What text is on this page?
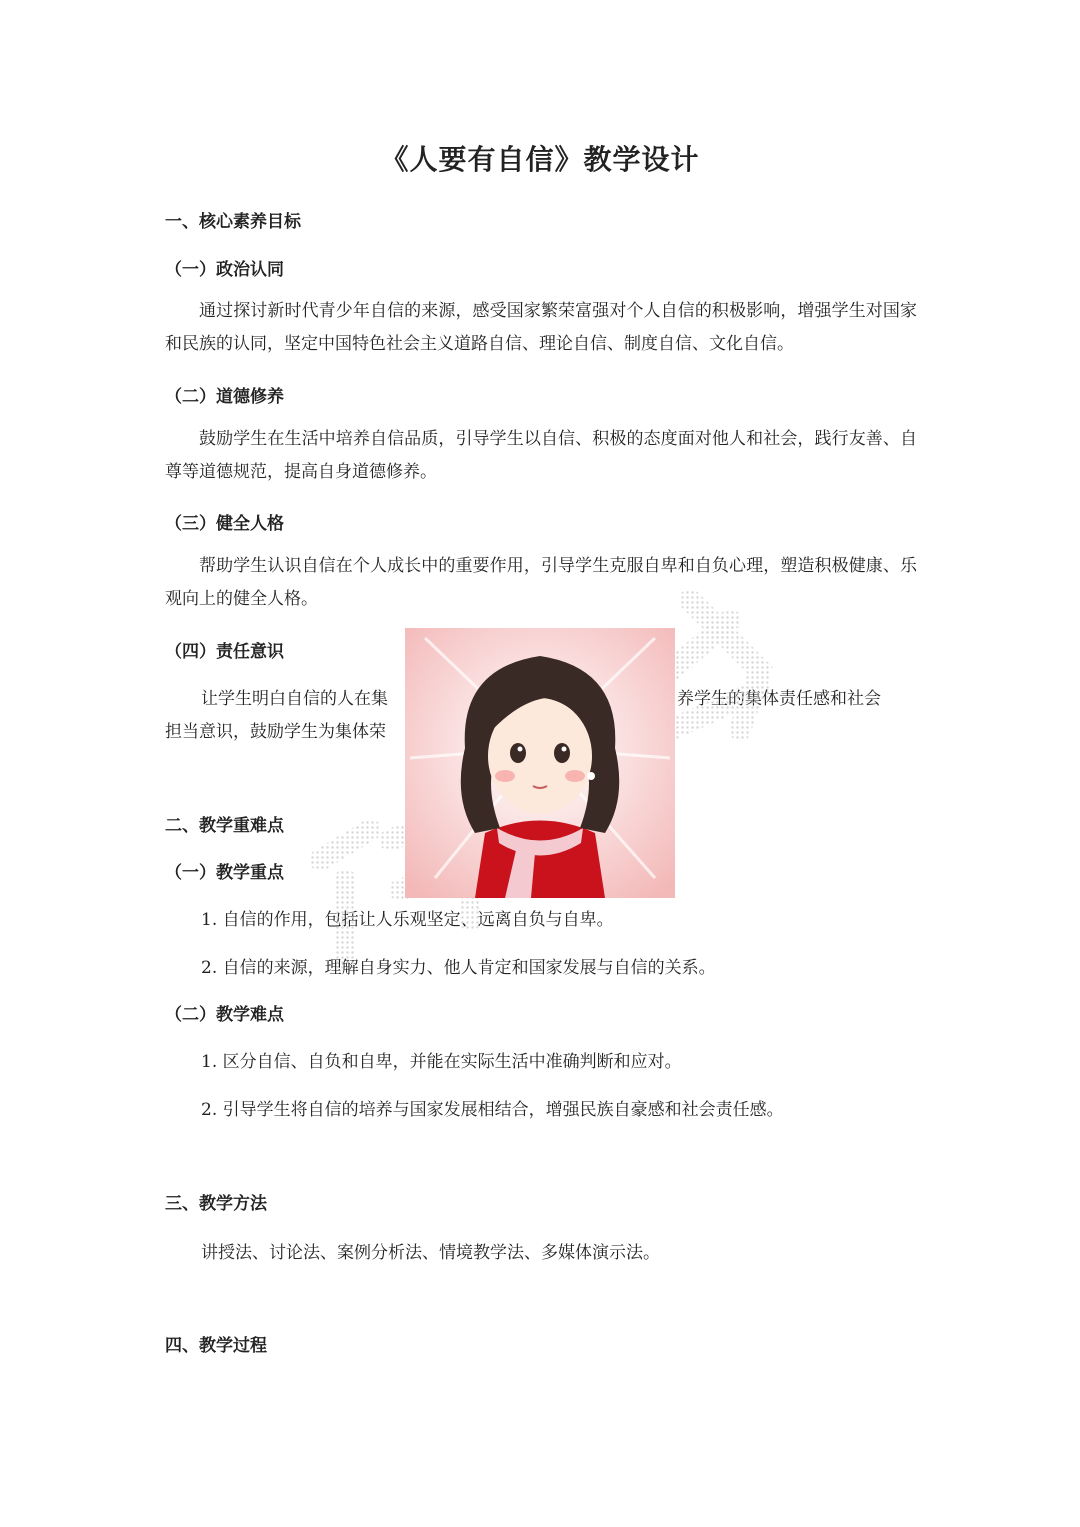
《人要有自信》教学设计
一、核心素养目标
（一）政治认同
通过探讨新时代青少年自信的来源，感受国家繁荣富强对个人自信的积极影响，增强学生对国家和民族的认同，坚定中国特色社会主义道路自信、理论自信、制度自信、文化自信。
（二）道德修养
鼓励学生在生活中培养自信品质，引导学生以自信、积极的态度面对他人和社会，践行友善、自尊等道德规范，提高自身道德修养。
（三）健全人格
帮助学生认识自信在个人成长中的重要作用，引导学生克服自卑和自负心理，塑造积极健康、乐观向上的健全人格。
（四）责任意识
让学生明白自信的人在集	养学生的集体责任感和社会
担当意识，鼓励学生为集体荣
二、教学重难点
（一）教学重点
1. 自信的作用，包括让人乐观坚定、远离自负与自卑。
2. 自信的来源，理解自身实力、他人肯定和国家发展与自信的关系。
（二）教学难点
1. 区分自信、自负和自卑，并能在实际生活中准确判断和应对。
2. 引导学生将自信的培养与国家发展相结合，增强民族自豪感和社会责任感。
三、教学方法
讲授法、讨论法、案例分析法、情境教学法、多媒体演示法。
四、教学过程
